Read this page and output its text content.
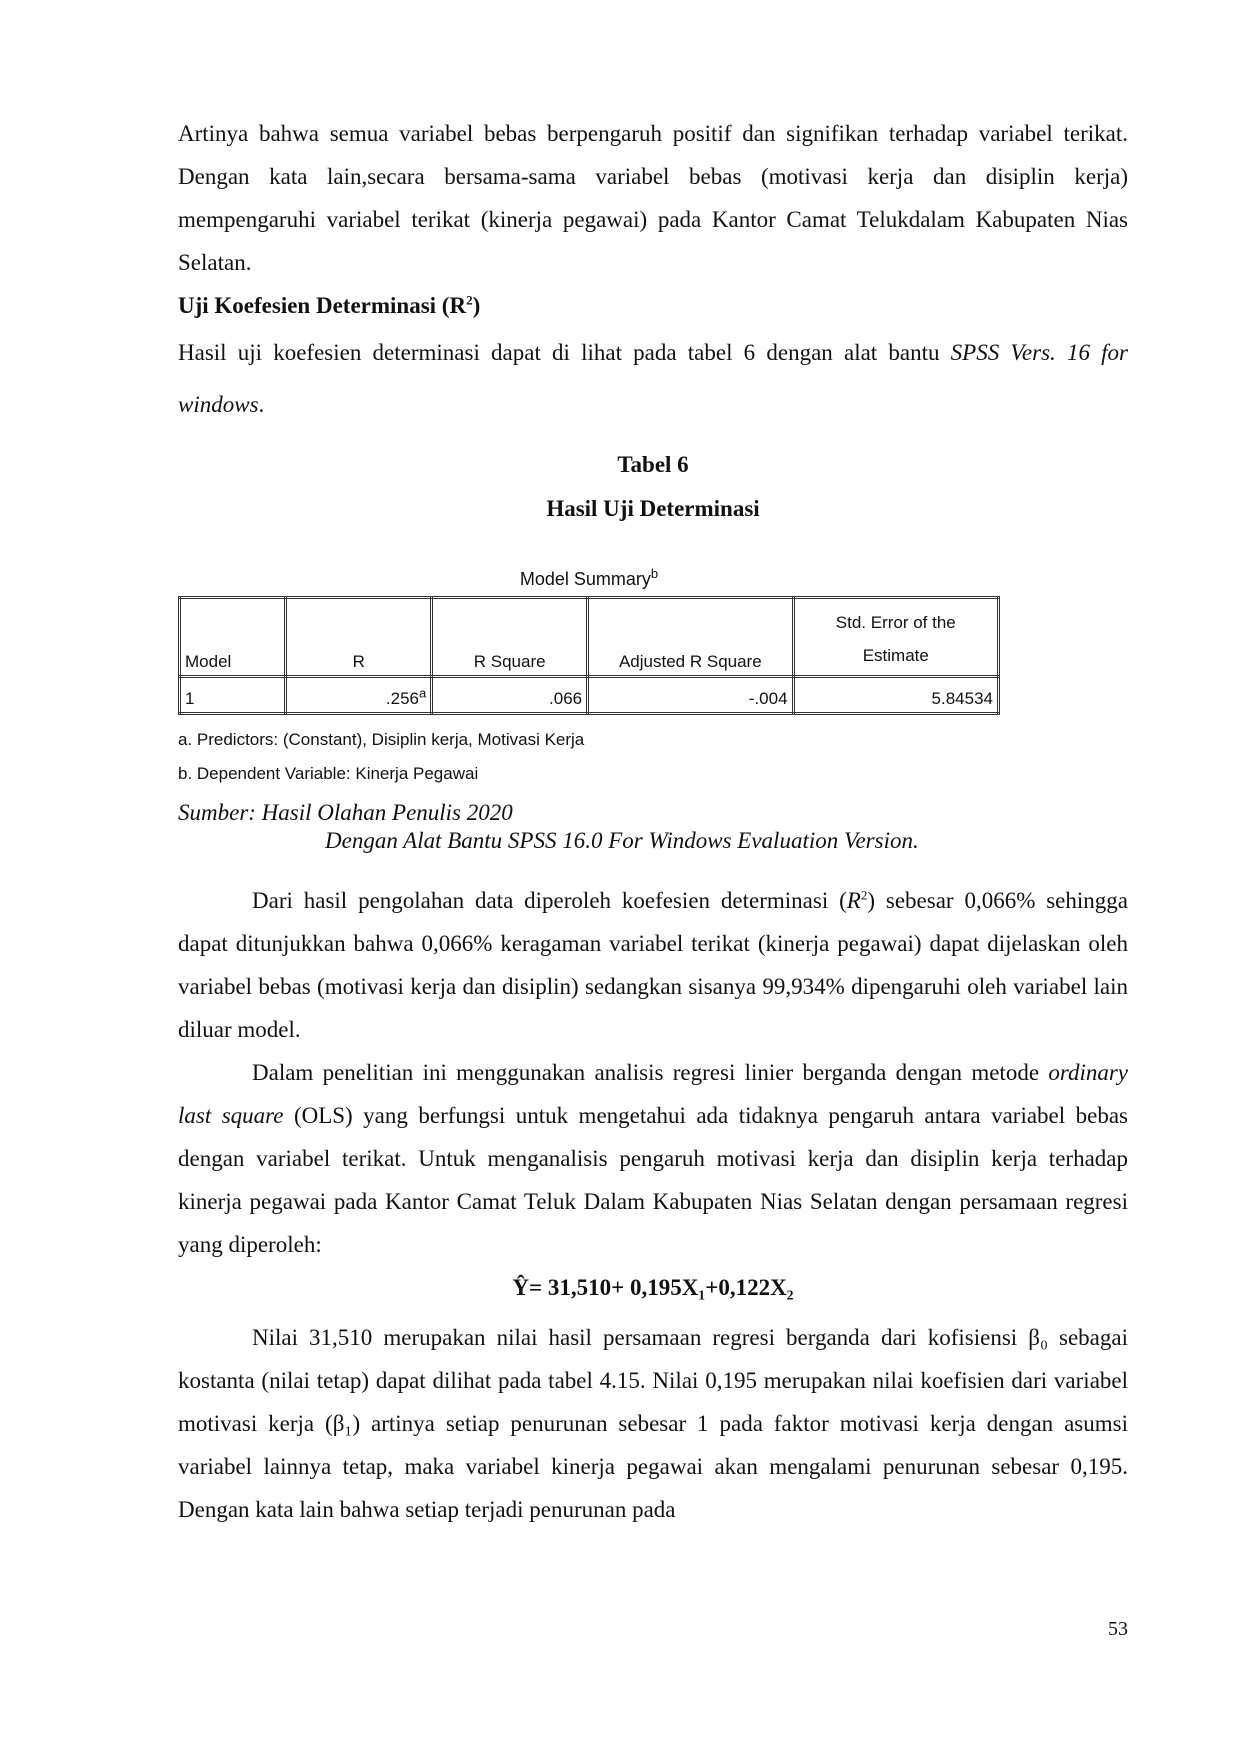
Artinya bahwa semua variabel bebas berpengaruh positif dan signifikan terhadap variabel terikat. Dengan kata lain,secara bersama-sama variabel bebas (motivasi kerja dan disiplin kerja) mempengaruhi variabel terikat (kinerja pegawai) pada Kantor Camat Telukdalam Kabupaten Nias Selatan.

Uji Koefesien Determinasi $(R^2)$

Hasil uji koefesien determinasi dapat di lihat pada tabel 6 dengan alat bantu SPSS Vers. 16 for windows.

Tabel 6

Hasil Uji Determinasi

Model Summary$^b$

Model	R	R Square	Adjusted R Square	Std. Error of the
Estimate
1	.256$^a$	.066	-.004	5.84534

a. Predictors: (Constant), Disiplin kerja, Motivasi Kerja

b. Dependent Variable: Kinerja Pegawai

Sumber: Hasil Olahan Penulis 2020

Dengan Alat Bantu SPSS 16.0 For Windows Evaluation Version.

Dari hasil pengolahan data diperoleh koefesien determinasi $(R^2)$ sebesar 0,066% sehingga dapat ditunjukkan bahwa 0,066% keragaman variabel terikat (kinerja pegawai) dapat dijelaskan oleh variabel bebas (motivasi kerja dan disiplin) sedangkan sisanya 99,934% dipengaruhi oleh variabel lain diluar model.

Dalam penelitian ini menggunakan analisis regresi linier berganda dengan metode ordinary last square (OLS) yang berfungsi untuk mengetahui ada tidaknya pengaruh antara variabel bebas dengan variabel terikat. Untuk menganalisis pengaruh motivasi kerja dan disiplin kerja terhadap kinerja pegawai pada Kantor Camat Teluk Dalam Kabupaten Nias Selatan dengan persamaan regresi yang diperoleh:

Ŷ= 31,510+ 0,195X₁+0,122X₂

Nilai 31,510 merupakan nilai hasil persamaan regresi berganda dari kofisiensi β₀ sebagai kostanta (nilai tetap) dapat dilihat pada tabel 4.15. Nilai 0,195 merupakan nilai koefisien dari variabel motivasi kerja (β₁) artinya setiap penurunan sebesar 1 pada faktor motivasi kerja dengan asumsi variabel lainnya tetap, maka variabel kinerja pegawai akan mengalami penurunan sebesar 0,195. Dengan kata lain bahwa setiap terjadi penurunan pada

53
